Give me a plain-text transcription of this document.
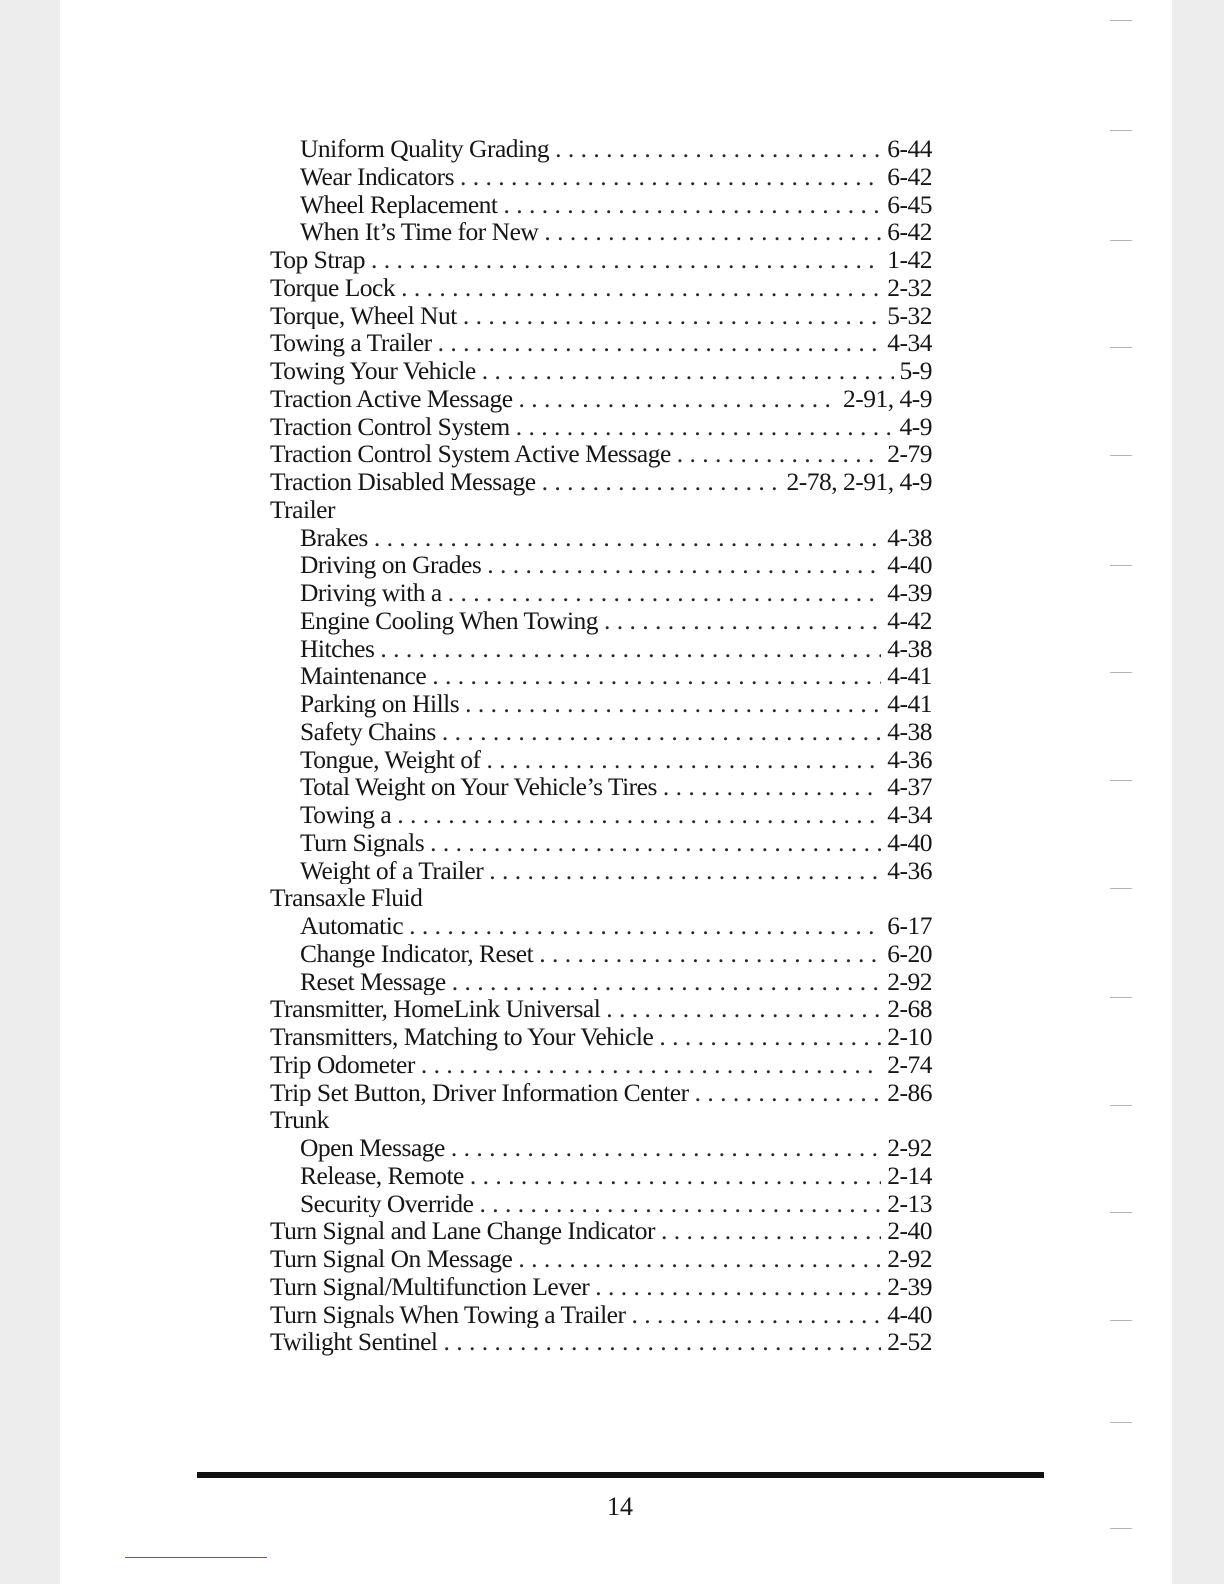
Uniform Quality Grading . . .	6-44
Wear Indicators . . .	6-42
Wheel Replacement . . .	6-45
When It’s Time for New . . .	6-42
Top Strap . . .	1-42
Torque Lock . . .	2-32
Torque, Wheel Nut . . .	5-32
Towing a Trailer . . .	4-34
Towing Your Vehicle . . .	5-9
Traction Active Message . . .	2-91, 4-9
Traction Control System . . .	4-9
Traction Control System Active Message . . .	2-79
Traction Disabled Message . . .	2-78, 2-91, 4-9
Trailer
Brakes . . .	4-38
Driving on Grades . . .	4-40
Driving with a . . .	4-39
Engine Cooling When Towing . . .	4-42
Hitches . . .	4-38
Maintenance . . .	4-41
Parking on Hills . . .	4-41
Safety Chains . . .	4-38
Tongue, Weight of . . .	4-36
Total Weight on Your Vehicle’s Tires . . .	4-37
Towing a . . .	4-34
Turn Signals . . .	4-40
Weight of a Trailer . . .	4-36
Transaxle Fluid
Automatic . . .	6-17
Change Indicator, Reset . . .	6-20
Reset Message . . .	2-92
Transmitter, HomeLink Universal . . .	2-68
Transmitters, Matching to Your Vehicle . . .	2-10
Trip Odometer . . .	2-74
Trip Set Button, Driver Information Center . . .	2-86
Trunk
Open Message . . .	2-92
Release, Remote . . .	2-14
Security Override . . .	2-13
Turn Signal and Lane Change Indicator . . .	2-40
Turn Signal On Message . . .	2-92
Turn Signal/Multifunction Lever . . .	2-39
Turn Signals When Towing a Trailer . . .	4-40
Twilight Sentinel . . .	2-52
14
